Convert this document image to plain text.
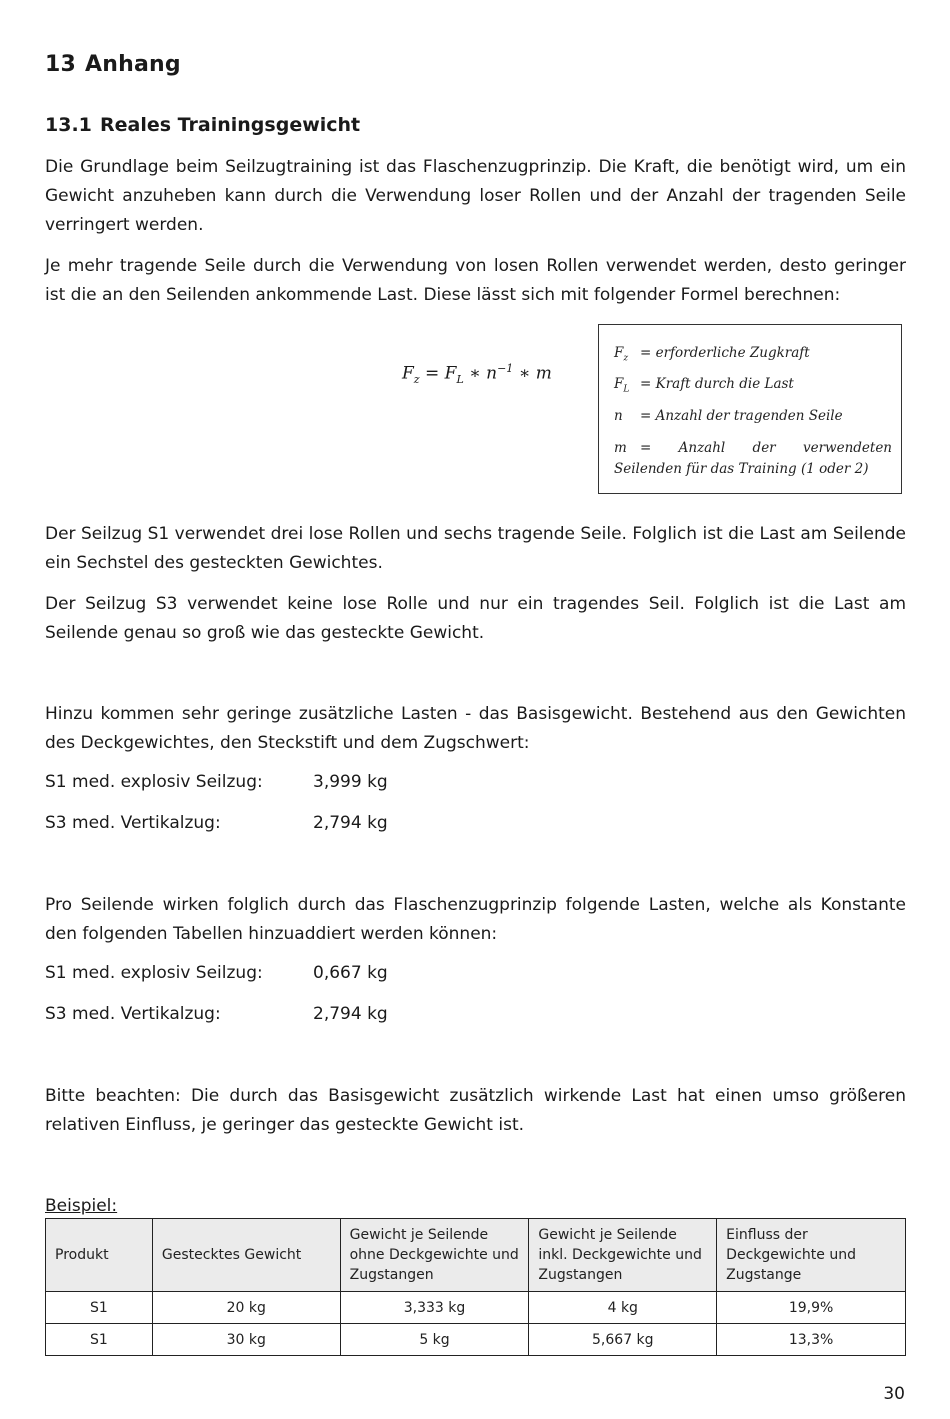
13 Anhang
13.1 Reales Trainingsgewicht

Die Grundlage beim Seilzugtraining ist das Flaschenzugprinzip. Die Kraft, die benötigt wird, um ein Gewicht anzuheben kann durch die Verwendung loser Rollen und der Anzahl der tragenden Seile verringert werden.

Je mehr tragende Seile durch die Verwendung von losen Rollen verwendet werden, desto geringer ist die an den Seilenden ankommende Last. Diese lässt sich mit folgender Formel berechnen:

$F_z = F_L$ ∗ $n^{-1}$ ∗ m
$F_z$ = erforderliche Zugkraft
$F_L$ = Kraft durch die Last
n = Anzahl der tragenden Seile
m = Anzahl der verwendeten Seilenden für das Training (1 oder 2)

Der Seilzug S1 verwendet drei lose Rollen und sechs tragende Seile. Folglich ist die Last am Seilende ein Sechstel des gesteckten Gewichtes.

Der Seilzug S3 verwendet keine lose Rolle und nur ein tragendes Seil. Folglich ist die Last am Seilende genau so groß wie das gesteckte Gewicht.

Hinzu kommen sehr geringe zusätzliche Lasten - das Basisgewicht. Bestehend aus den Gewichten des Deckgewichtes, den Steckstift und dem Zugschwert:

S1 med. explosiv Seilzug:	3,999 kg
S3 med. Vertikalzug:	2,794 kg

Pro Seilende wirken folglich durch das Flaschenzugprinzip folgende Lasten, welche als Konstante den folgenden Tabellen hinzuaddiert werden können:

S1 med. explosiv Seilzug:	0,667 kg
S3 med. Vertikalzug:	2,794 kg

Bitte beachten: Die durch das Basisgewicht zusätzlich wirkende Last hat einen umso größeren relativen Einfluss, je geringer das gesteckte Gewicht ist.

Beispiel:
Produkt	Gestecktes Gewicht	Gewicht je Seilende ohne Deckgewichte und Zugstangen	Gewicht je Seilende inkl. Deckgewichte und Zugstangen	Einfluss der Deckgewichte und Zugstange
S1	20 kg	3,333 kg	4 kg	19,9%
S1	30 kg	5 kg	5,667 kg	13,3%
30
